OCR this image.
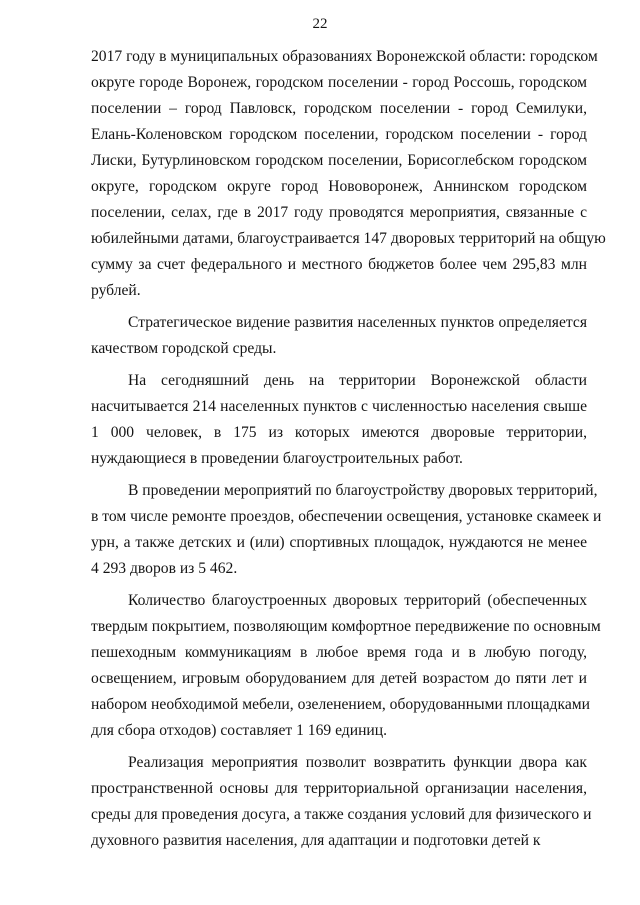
22

2017 году в муниципальных образованиях Воронежской области: городском
округе городе Воронеж, городском поселении - город Россошь, городском
поселении – город Павловск, городском поселении - город Семилуки,
Елань-Коленовском городском поселении, городском поселении - город
Лиски, Бутурлиновском городском поселении, Борисоглебском городском
округе, городском округе город Нововоронеж, Аннинском городском
поселении, селах, где в 2017 году проводятся мероприятия, связанные с
юбилейными датами, благоустраивается 147 дворовых территорий на общую
сумму за счет федерального и местного бюджетов более чем 295,83 млн
рублей.

Стратегическое видение развития населенных пунктов определяется
качеством городской среды.

На сегодняшний день на территории Воронежской области
насчитывается 214 населенных пунктов с численностью населения свыше
1 000 человек, в 175 из которых имеются дворовые территории,
нуждающиеся в проведении благоустроительных работ.

В проведении мероприятий по благоустройству дворовых территорий,
в том числе ремонте проездов, обеспечении освещения, установке скамеек и
урн, а также детских и (или) спортивных площадок, нуждаются не менее
4 293 дворов из 5 462.

Количество благоустроенных дворовых территорий (обеспеченных
твердым покрытием, позволяющим комфортное передвижение по основным
пешеходным коммуникациям в любое время года и в любую погоду,
освещением, игровым оборудованием для детей возрастом до пяти лет и
набором необходимой мебели, озеленением, оборудованными площадками
для сбора отходов) составляет 1 169 единиц.

Реализация мероприятия позволит возвратить функции двора как
пространственной основы для территориальной организации населения,
среды для проведения досуга, а также создания условий для физического и
духовного развития населения, для адаптации и подготовки детей к
